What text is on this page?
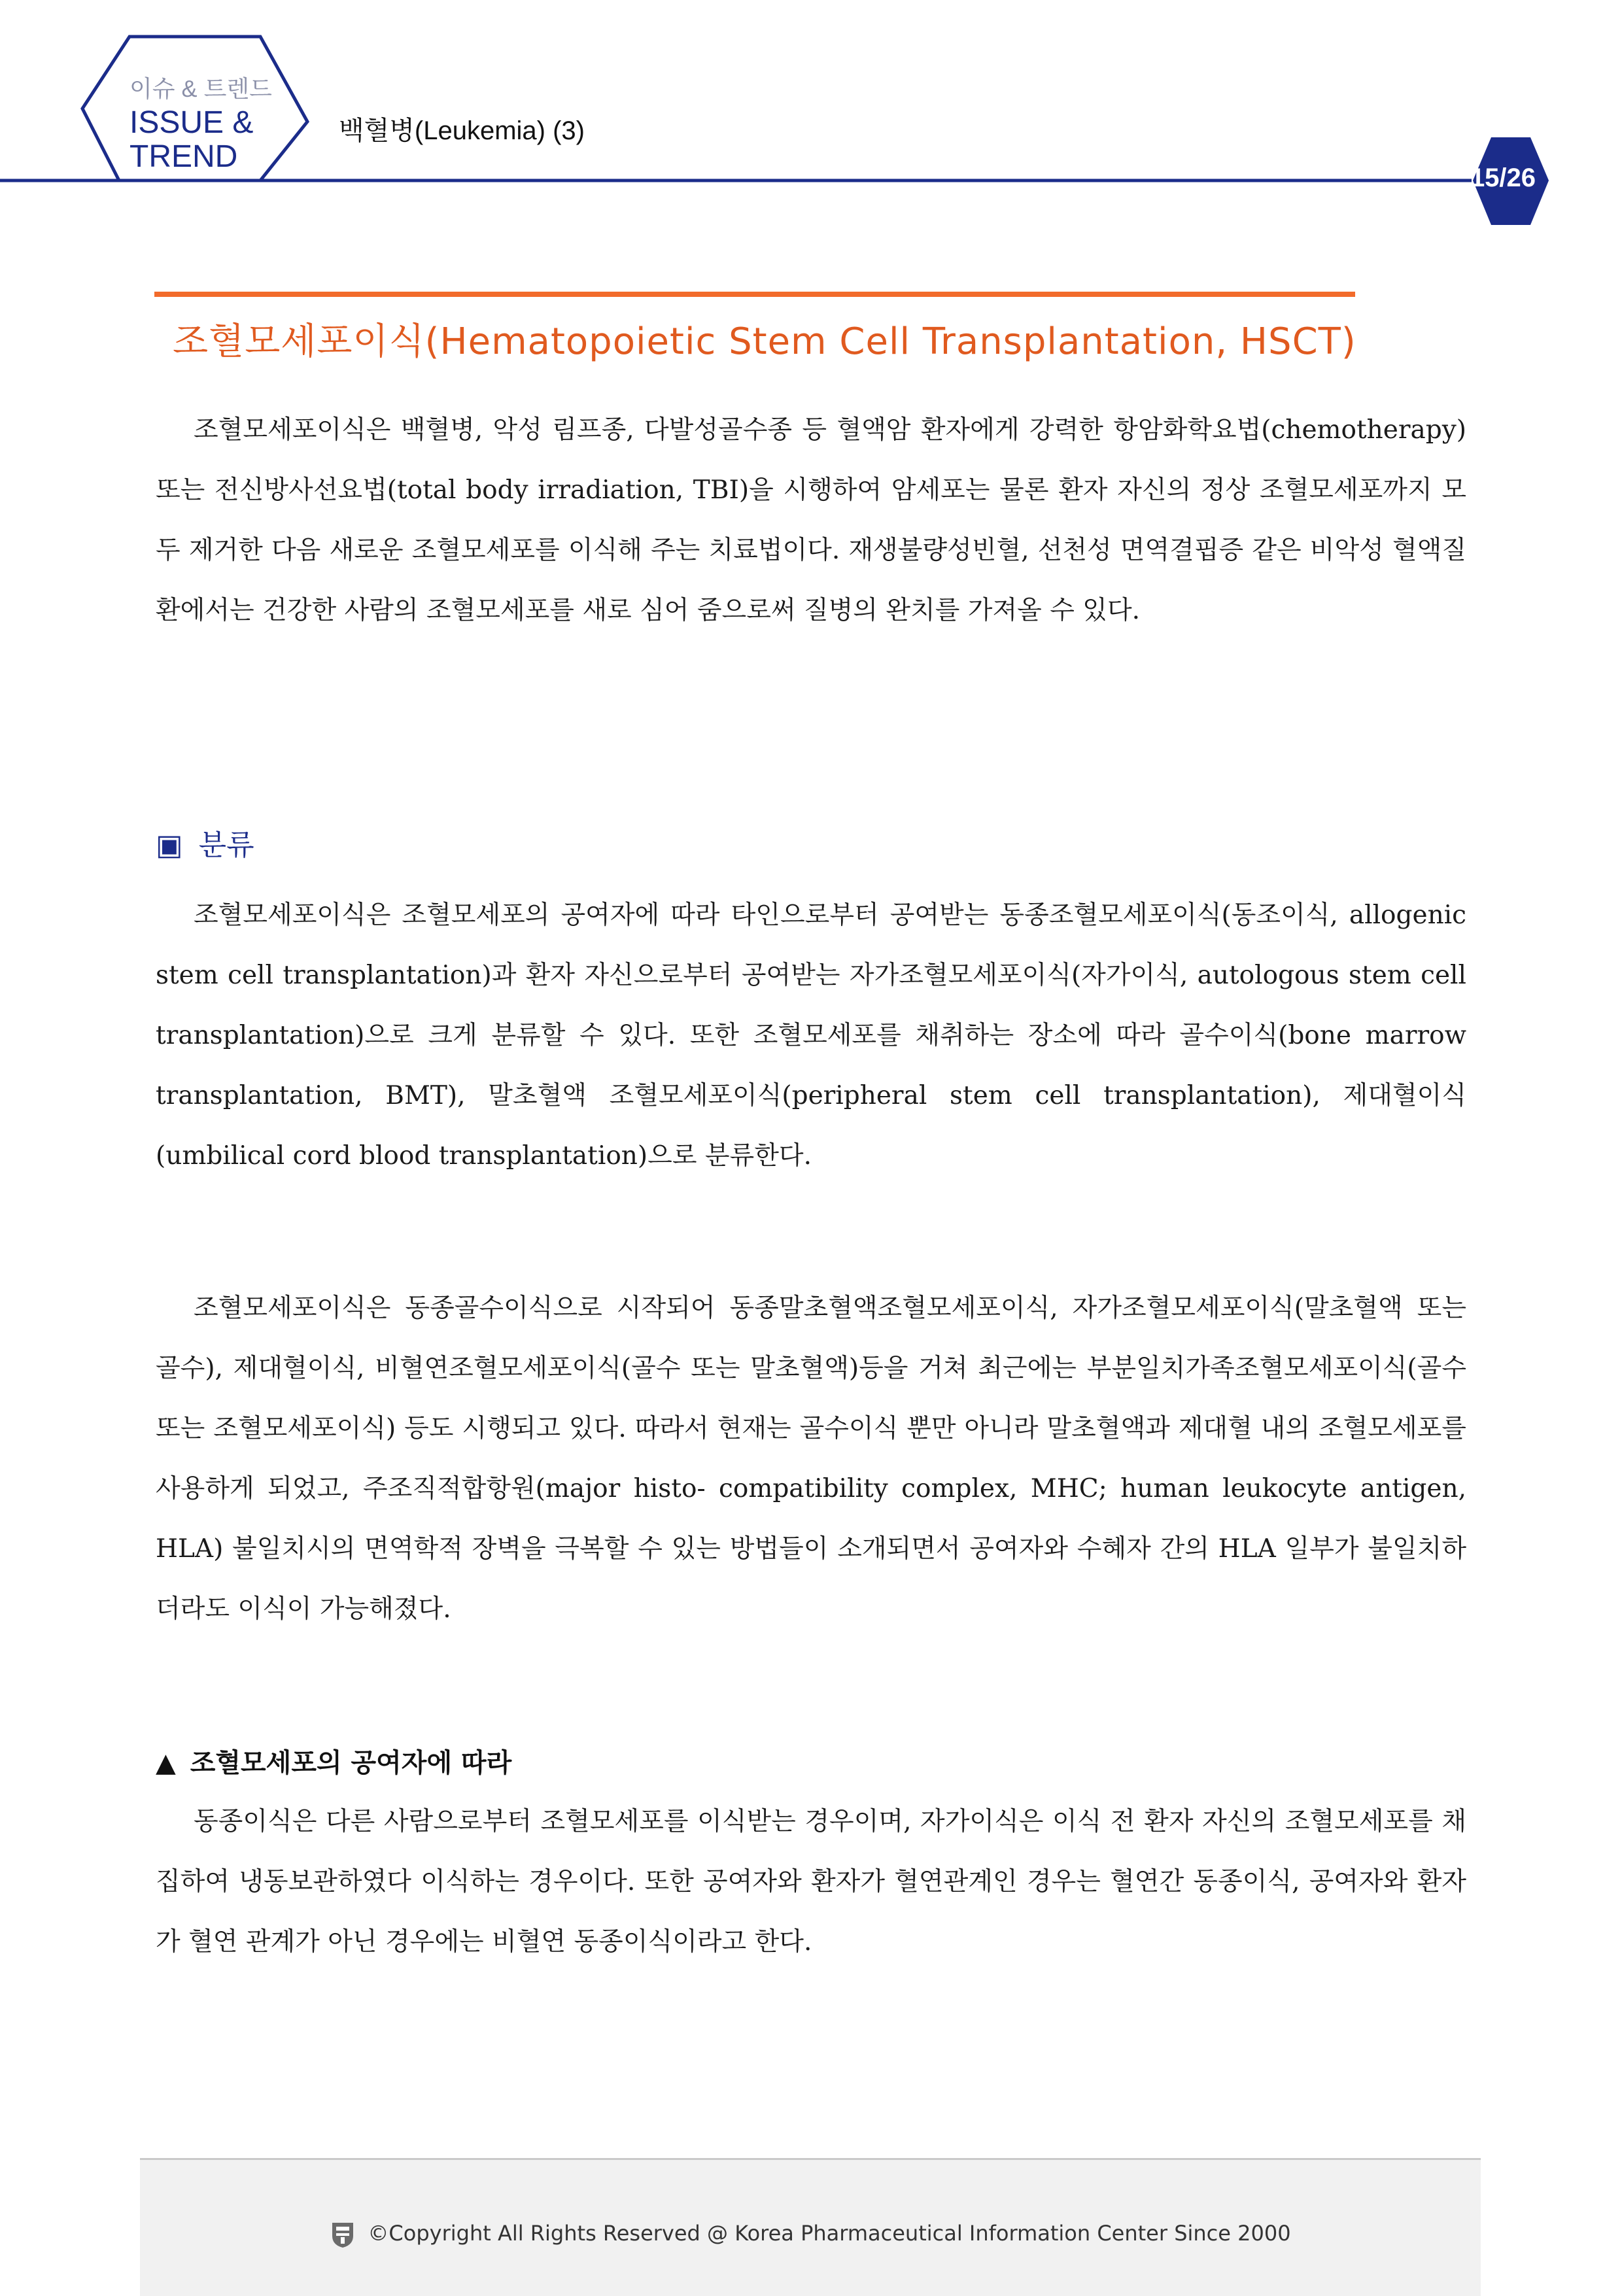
이슈 & 트렌드
ISSUE &
TREND
백혈병(Leukemia) (3)
15/26
조혈모세포이식(Hematopoietic Stem Cell Transplantation, HSCT)

조혈모세포이식은 백혈병, 악성 림프종, 다발성골수종 등 혈액암 환자에게 강력한 항암화학요법(chemotherapy) 또는 전신방사선요법(total body irradiation, TBI)을 시행하여 암세포는 물론 환자 자신의 정상 조혈모세포까지 모두 제거한 다음 새로운 조혈모세포를 이식해 주는 치료법이다. 재생불량성빈혈, 선천성 면역결핍증 같은 비악성 혈액질환에서는 건강한 사람의 조혈모세포를 새로 심어 줌으로써 질병의 완치를 가져올 수 있다.

▣ 분류

조혈모세포이식은 조혈모세포의 공여자에 따라 타인으로부터 공여받는 동종조혈모세포이식(동조이식, allogenic stem cell transplantation)과 환자 자신으로부터 공여받는 자가조혈모세포이식(자가이식, autologous stem cell transplantation)으로 크게 분류할 수 있다. 또한 조혈모세포를 채취하는 장소에 따라 골수이식(bone marrow transplantation, BMT), 말초혈액 조혈모세포이식(peripheral stem cell transplantation), 제대혈이식(umbilical cord blood transplantation)으로 분류한다.

조혈모세포이식은 동종골수이식으로 시작되어 동종말초혈액조혈모세포이식, 자가조혈모세포이식(말초혈액 또는 골수), 제대혈이식, 비혈연조혈모세포이식(골수 또는 말초혈액)등을 거쳐 최근에는 부분일치가족조혈모세포이식(골수 또는 조혈모세포이식) 등도 시행되고 있다. 따라서 현재는 골수이식 뿐만 아니라 말초혈액과 제대혈 내의 조혈모세포를 사용하게 되었고, 주조직적합항원(major histo- compatibility complex, MHC; human leukocyte antigen, HLA) 불일치시의 면역학적 장벽을 극복할 수 있는 방법들이 소개되면서 공여자와 수혜자 간의 HLA 일부가 불일치하더라도 이식이 가능해졌다.

▲ 조혈모세포의 공여자에 따라

동종이식은 다른 사람으로부터 조혈모세포를 이식받는 경우이며, 자가이식은 이식 전 환자 자신의 조혈모세포를 채집하여 냉동보관하였다 이식하는 경우이다. 또한 공여자와 환자가 혈연관계인 경우는 혈연간 동종이식, 공여자와 환자가 혈연 관계가 아닌 경우에는 비혈연 동종이식이라고 한다.

©Copyright All Rights Reserved @ Korea Pharmaceutical Information Center Since 2000
